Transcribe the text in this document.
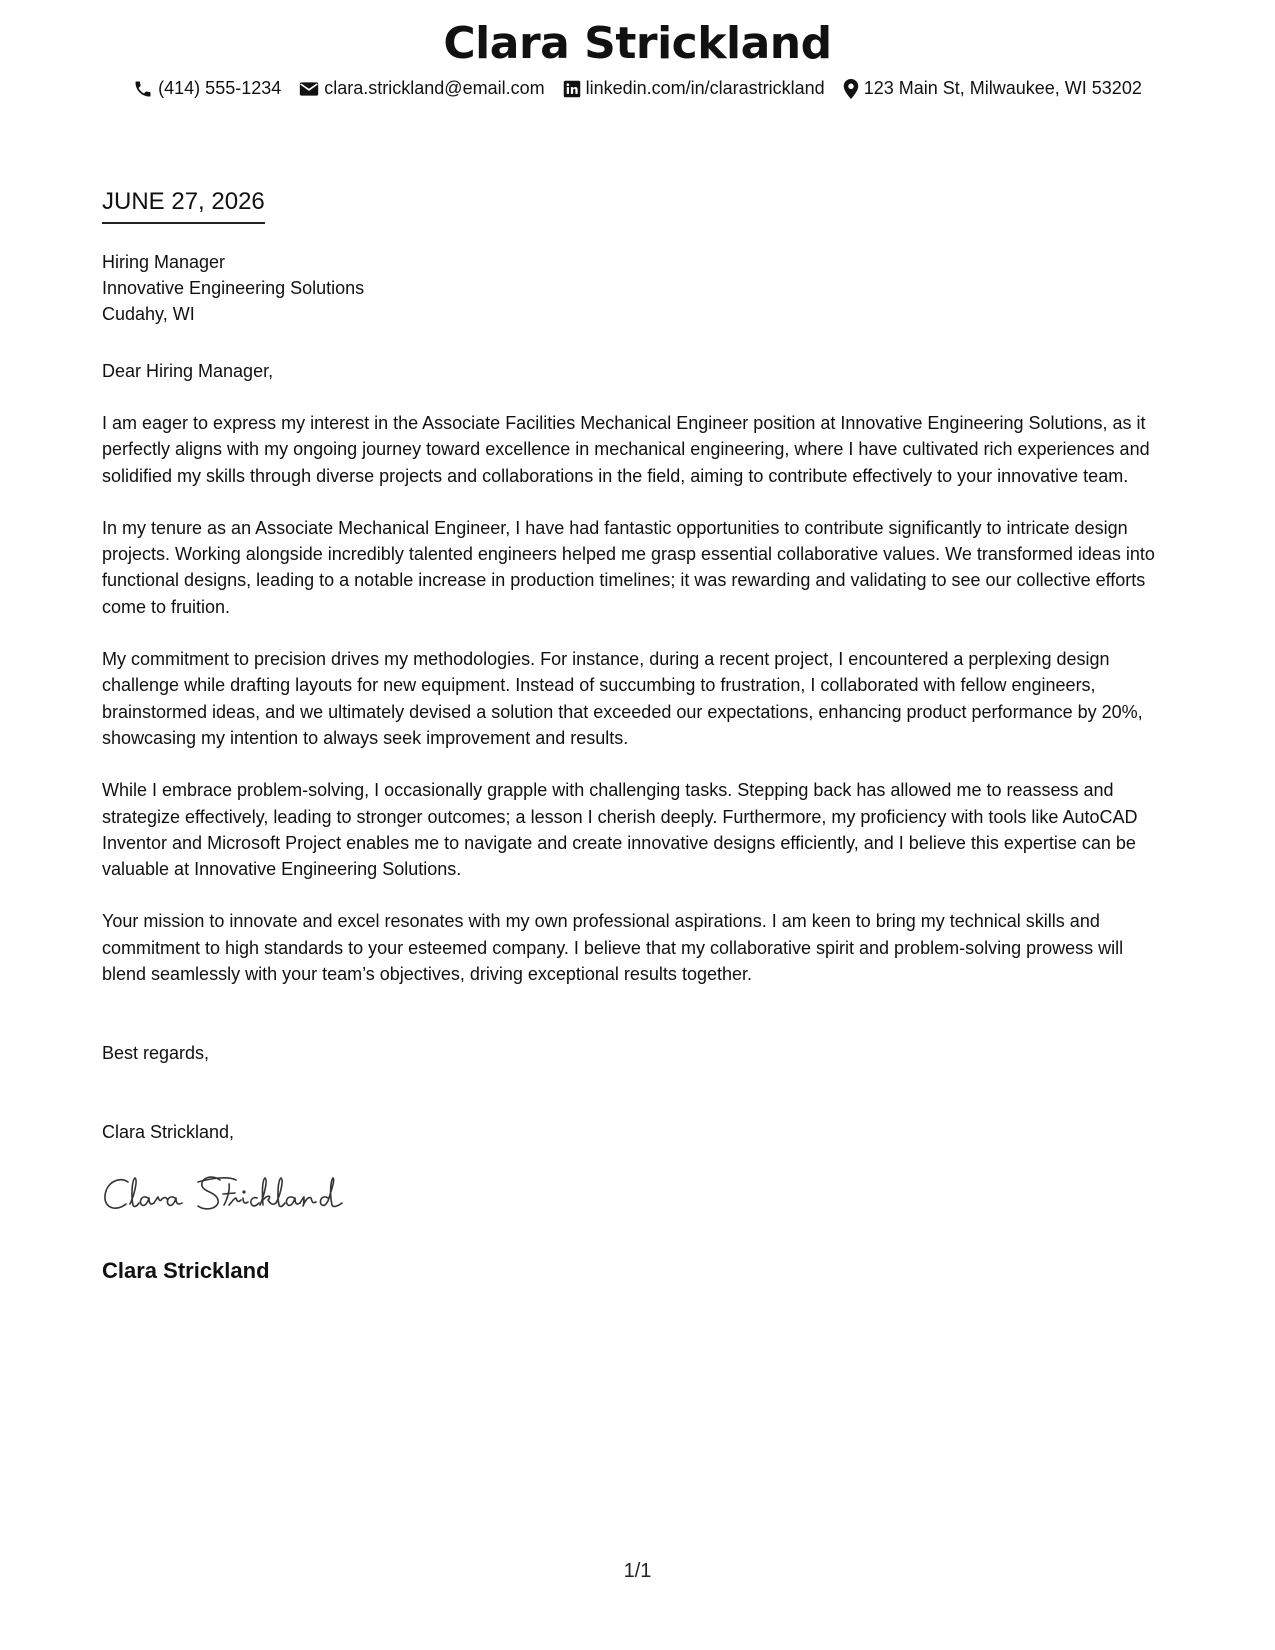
Clara Strickland
(414) 555-1234 clara.strickland@email.com linkedin.com/in/clarastrickland 123 Main St, Milwaukee, WI 53202
JUNE 27, 2026
Hiring Manager
Innovative Engineering Solutions
Cudahy, WI
Dear Hiring Manager,

I am eager to express my interest in the Associate Facilities Mechanical Engineer position at Innovative Engineering Solutions, as it perfectly aligns with my ongoing journey toward excellence in mechanical engineering, where I have cultivated rich experiences and solidified my skills through diverse projects and collaborations in the field, aiming to contribute effectively to your innovative team.

In my tenure as an Associate Mechanical Engineer, I have had fantastic opportunities to contribute significantly to intricate design projects. Working alongside incredibly talented engineers helped me grasp essential collaborative values. We transformed ideas into functional designs, leading to a notable increase in production timelines; it was rewarding and validating to see our collective efforts come to fruition.

My commitment to precision drives my methodologies. For instance, during a recent project, I encountered a perplexing design challenge while drafting layouts for new equipment. Instead of succumbing to frustration, I collaborated with fellow engineers, brainstormed ideas, and we ultimately devised a solution that exceeded our expectations, enhancing product performance by 20%, showcasing my intention to always seek improvement and results.

While I embrace problem-solving, I occasionally grapple with challenging tasks. Stepping back has allowed me to reassess and strategize effectively, leading to stronger outcomes; a lesson I cherish deeply. Furthermore, my proficiency with tools like AutoCAD Inventor and Microsoft Project enables me to navigate and create innovative designs efficiently, and I believe this expertise can be valuable at Innovative Engineering Solutions.

Your mission to innovate and excel resonates with my own professional aspirations. I am keen to bring my technical skills and commitment to high standards to your esteemed company. I believe that my collaborative spirit and problem-solving prowess will blend seamlessly with your team’s objectives, driving exceptional results together.

Best regards,
Clara Strickland,
Clara Strickland
1/1
